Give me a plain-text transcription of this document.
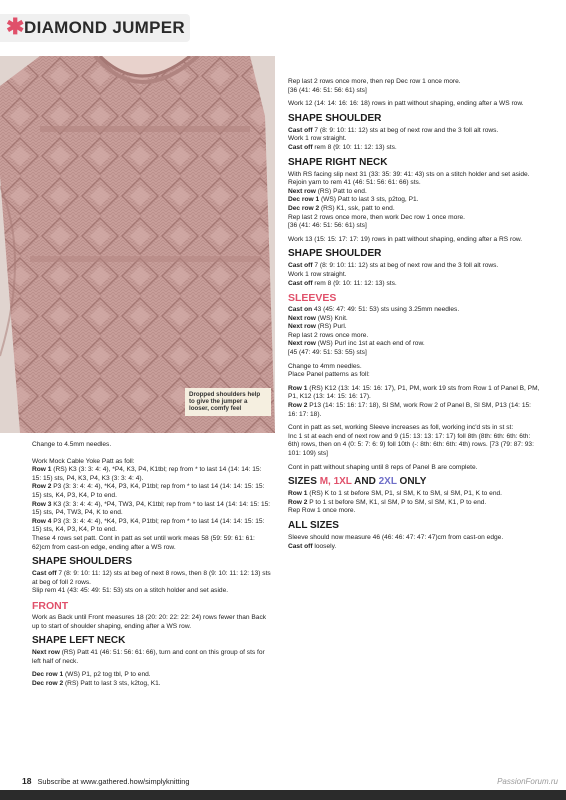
✱ DIAMOND JUMPER
Dropped shoulders help to give the jumper a looser, comfy feel

Change to 4.5mm needles.

Work Mock Cable Yoke Patt as foll:

Row 1 (RS) K3 (3: 3: 4: 4), *P4, K3, P4, K1tbl; rep from * to last 14 (14: 14: 15: 15: 15) sts, P4, K3, P4, K3 (3: 3: 4: 4).

Row 2 P3 (3: 3: 4: 4: 4), *K4, P3, K4, P1tbl; rep from * to last 14 (14: 14: 15: 15: 15) sts, K4, P3, K4, P to end.

Row 3 K3 (3: 3: 4: 4: 4), *P4, TW3, P4, K1tbl; rep from * to last 14 (14: 14: 15: 15: 15) sts, P4, TW3, P4, K to end.

Row 4 P3 (3: 3: 4: 4: 4), *K4, P3, K4, P1tbl; rep from * to last 14 (14: 14: 15: 15: 15) sts, K4, P3, K4, P to end.

These 4 rows set patt. Cont in patt as set until work meas 58 (59: 59: 61: 61: 62)cm from cast-on edge, ending after a WS row.

SHAPE SHOULDERS

Cast off 7 (8: 9: 10: 11: 12) sts at beg of next 8 rows, then 8 (9: 10: 11: 12: 13) sts at beg of foll 2 rows.

Slip rem 41 (43: 45: 49: 51: 53) sts on a stitch holder and set aside.

FRONT

Work as Back until Front measures 18 (20: 20: 22: 22: 24) rows fewer than Back up to start of shoulder shaping, ending after a WS row.

SHAPE LEFT NECK

Next row (RS) Patt 41 (46: 51: 56: 61: 66), turn and cont on this group of sts for left half of neck.

Dec row 1 (WS) P1, p2 tog tbl, P to end.

Dec row 2 (RS) Patt to last 3 sts, k2tog, K1.

Rep last 2 rows once more, then rep Dec row 1 once more.

[36 (41: 46: 51: 56: 61) sts]

Work 12 (14: 14: 16: 16: 18) rows in patt without shaping, ending after a WS row.

SHAPE SHOULDER

Cast off 7 (8: 9: 10: 11: 12) sts at beg of next row and the 3 foll alt rows.

Work 1 row straight.

Cast off rem 8 (9: 10: 11: 12: 13) sts.

SHAPE RIGHT NECK

With RS facing slip next 31 (33: 35: 39: 41: 43) sts on a stitch holder and set aside. Rejoin yarn to rem 41 (46: 51: 56: 61: 66) sts.

Next row (RS) Patt to end.

Dec row 1 (WS) Patt to last 3 sts, p2tog, P1.

Dec row 2 (RS) K1, ssk, patt to end.

Rep last 2 rows once more, then work Dec row 1 once more.

[36 (41: 46: 51: 56: 61) sts]

Work 13 (15: 15: 17: 17: 19) rows in patt without shaping, ending after a RS row.

SHAPE SHOULDER

Cast off 7 (8: 9: 10: 11: 12) sts at beg of next row and the 3 foll alt rows.

Work 1 row straight.

Cast off rem 8 (9: 10: 11: 12: 13) sts.

SLEEVES

Cast on 43 (45: 47: 49: 51: 53) sts using 3.25mm needles.

Next row (WS) Knit.

Next row (RS) Purl.

Rep last 2 rows once more.

Next row (WS) Purl inc 1st at each end of row.

[45 (47: 49: 51: 53: 55) sts]

Change to 4mm needles.

Place Panel patterns as foll:

Row 1 (RS) K12 (13: 14: 15: 16: 17), P1, PM, work 19 sts from Row 1 of Panel B, PM, P1, K12 (13: 14: 15: 16: 17).

Row 2 P13 (14: 15: 16: 17: 18), Sl SM, work Row 2 of Panel B, Sl SM, P13 (14: 15: 16: 17: 18).

Cont in patt as set, working Sleeve increases as foll, working inc'd sts in st st:

Inc 1 st at each end of next row and 9 (15: 13: 13: 17: 17) foll 8th (8th: 6th: 6th: 6th: 6th) rows, then on 4 (0: 5: 7: 6: 9) foll 10th (-: 8th: 6th: 6th: 4th) rows. [73 (79: 87: 93: 101: 109) sts]

Cont in patt without shaping until 8 reps of Panel B are complete.

SIZES M, 1XL AND 2XL ONLY

Row 1 (RS) K to 1 st before SM, P1, sl SM, K to SM, sl SM, P1, K to end.

Row 2 P to 1 st before SM, K1, sl SM, P to SM, sl SM, K1, P to end.

Rep Row 1 once more.

ALL SIZES

Sleeve should now measure 46 (46: 46: 47: 47: 47)cm from cast-on edge.

Cast off loosely.

18 Subscribe at www.gathered.how/simplyknitting	PassionForum.ru
